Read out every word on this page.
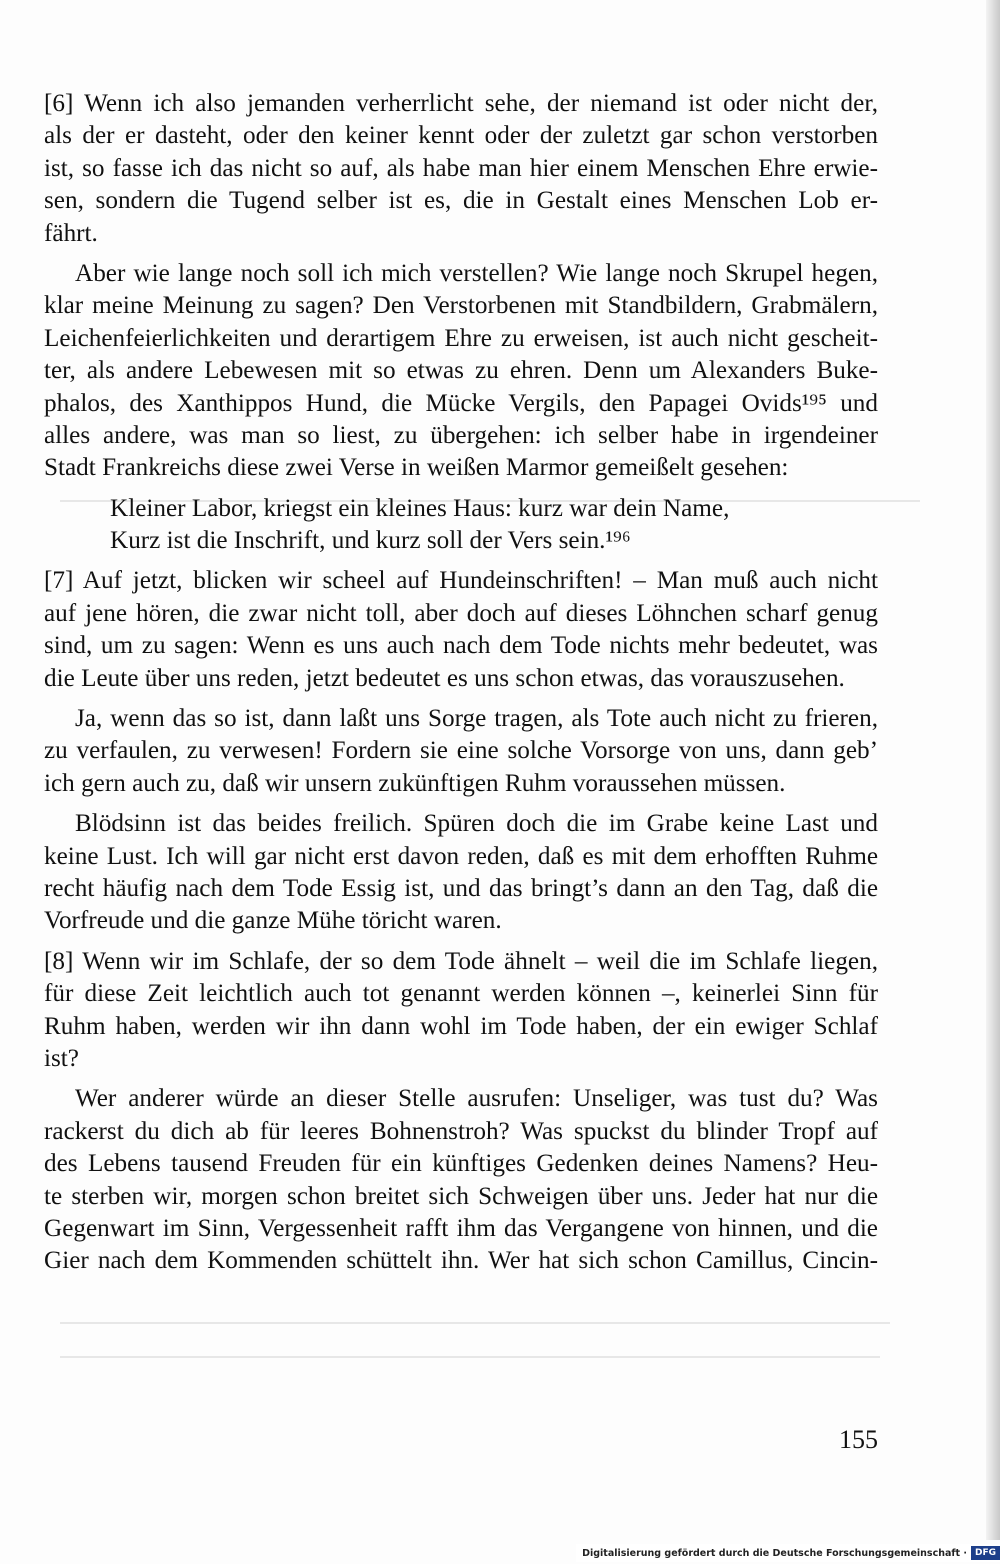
[6] Wenn ich also jemanden verherrlicht sehe, der niemand ist oder nicht der,
als der er dasteht, oder den keiner kennt oder der zuletzt gar schon verstorben
ist, so fasse ich das nicht so auf, als habe man hier einem Menschen Ehre erwie-
sen, sondern die Tugend selber ist es, die in Gestalt eines Menschen Lob er-
fährt.
Aber wie lange noch soll ich mich verstellen? Wie lange noch Skrupel hegen,
klar meine Meinung zu sagen? Den Verstorbenen mit Standbildern, Grabmälern,
Leichenfeierlichkeiten und derartigem Ehre zu erweisen, ist auch nicht gescheit-
ter, als andere Lebewesen mit so etwas zu ehren. Denn um Alexanders Buke-
phalos, des Xanthippos Hund, die Mücke Vergils, den Papagei Ovids¹⁹⁵ und
alles andere, was man so liest, zu übergehen: ich selber habe in irgendeiner
Stadt Frankreichs diese zwei Verse in weißen Marmor gemeißelt gesehen:
Kleiner Labor, kriegst ein kleines Haus: kurz war dein Name,
Kurz ist die Inschrift, und kurz soll der Vers sein.¹⁹⁶
[7] Auf jetzt, blicken wir scheel auf Hundeinschriften! – Man muß auch nicht
auf jene hören, die zwar nicht toll, aber doch auf dieses Löhnchen scharf genug
sind, um zu sagen: Wenn es uns auch nach dem Tode nichts mehr bedeutet, was
die Leute über uns reden, jetzt bedeutet es uns schon etwas, das vorauszusehen.
Ja, wenn das so ist, dann laßt uns Sorge tragen, als Tote auch nicht zu frieren,
zu verfaulen, zu verwesen! Fordern sie eine solche Vorsorge von uns, dann geb’
ich gern auch zu, daß wir unsern zukünftigen Ruhm voraussehen müssen.
Blödsinn ist das beides freilich. Spüren doch die im Grabe keine Last und
keine Lust. Ich will gar nicht erst davon reden, daß es mit dem erhofften Ruhme
recht häufig nach dem Tode Essig ist, und das bringt’s dann an den Tag, daß die
Vorfreude und die ganze Mühe töricht waren.
[8] Wenn wir im Schlafe, der so dem Tode ähnelt – weil die im Schlafe liegen,
für diese Zeit leichtlich auch tot genannt werden können –, keinerlei Sinn für
Ruhm haben, werden wir ihn dann wohl im Tode haben, der ein ewiger Schlaf
ist?
Wer anderer würde an dieser Stelle ausrufen: Unseliger, was tust du? Was
rackerst du dich ab für leeres Bohnenstroh? Was spuckst du blinder Tropf auf
des Lebens tausend Freuden für ein künftiges Gedenken deines Namens? Heu-
te sterben wir, morgen schon breitet sich Schweigen über uns. Jeder hat nur die
Gegenwart im Sinn, Vergessenheit rafft ihm das Vergangene von hinnen, und die
Gier nach dem Kommenden schüttelt ihn. Wer hat sich schon Camillus, Cincin-
155
Digitalisierung gefördert durch die Deutsche Forschungsgemeinschaft · DFG
